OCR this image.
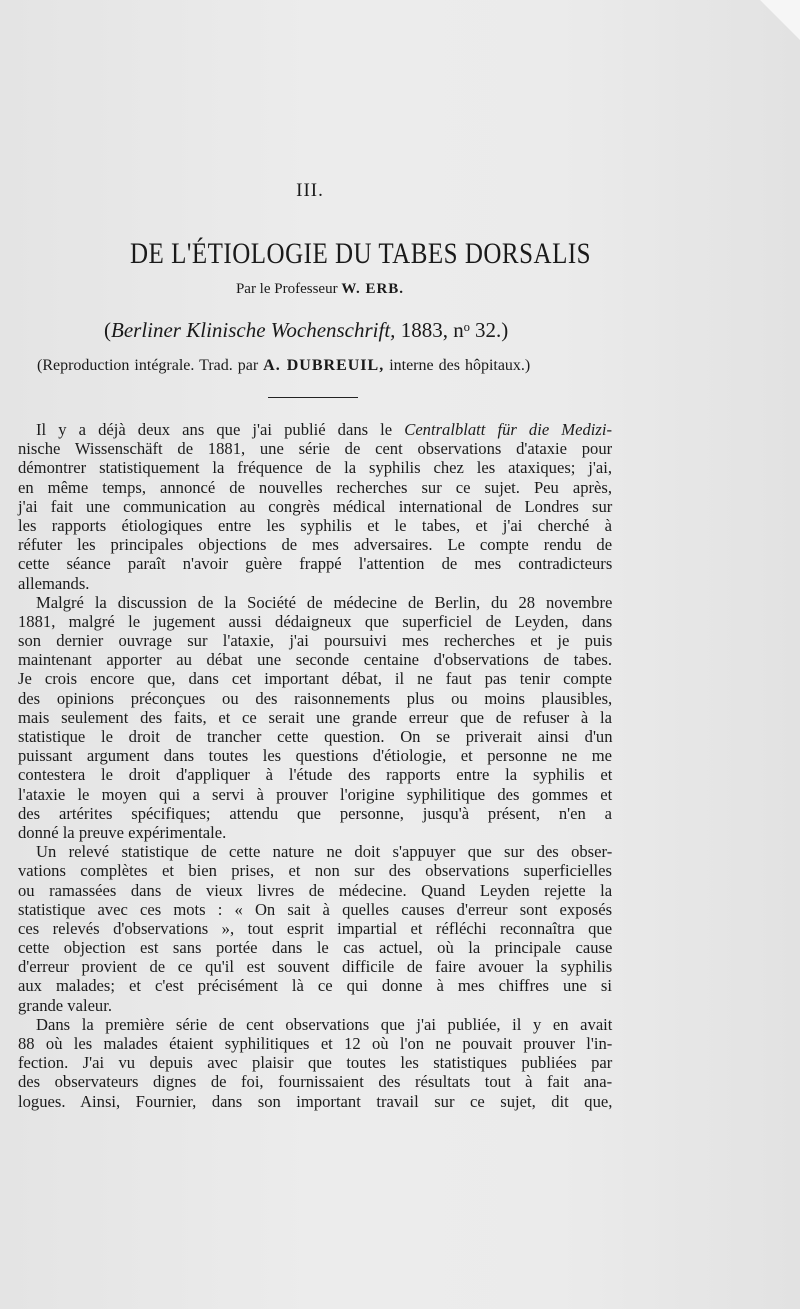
III.
DE L'ÉTIOLOGIE DU TABES DORSALIS
Par le Professeur W. ERB.
(Berliner Klinische Wochenschrift, 1883, nᵒ 32.)
(Reproduction intégrale. Trad. par A. DUBREUIL, interne des hôpitaux.)
Il y a déjà deux ans que j'ai publié dans le Centralblatt für die Medizi-
nische Wissenschäft de 1881, une série de cent observations d'ataxie pour
démontrer statistiquement la fréquence de la syphilis chez les ataxiques; j'ai,
en même temps, annoncé de nouvelles recherches sur ce sujet. Peu après,
j'ai fait une communication au congrès médical international de Londres sur
les rapports étiologiques entre les syphilis et le tabes, et j'ai cherché à
réfuter les principales objections de mes adversaires. Le compte rendu de
cette séance paraît n'avoir guère frappé l'attention de mes contradicteurs
allemands.
Malgré la discussion de la Société de médecine de Berlin, du 28 novembre
1881, malgré le jugement aussi dédaigneux que superficiel de Leyden, dans
son dernier ouvrage sur l'ataxie, j'ai poursuivi mes recherches et je puis
maintenant apporter au débat une seconde centaine d'observations de tabes.
Je crois encore que, dans cet important débat, il ne faut pas tenir compte
des opinions préconçues ou des raisonnements plus ou moins plausibles,
mais seulement des faits, et ce serait une grande erreur que de refuser à la
statistique le droit de trancher cette question. On se priverait ainsi d'un
puissant argument dans toutes les questions d'étiologie, et personne ne me
contestera le droit d'appliquer à l'étude des rapports entre la syphilis et
l'ataxie le moyen qui a servi à prouver l'origine syphilitique des gommes et
des artérites spécifiques; attendu que personne, jusqu'à présent, n'en a
donné la preuve expérimentale.
Un relevé statistique de cette nature ne doit s'appuyer que sur des obser-
vations complètes et bien prises, et non sur des observations superficielles
ou ramassées dans de vieux livres de médecine. Quand Leyden rejette la
statistique avec ces mots : « On sait à quelles causes d'erreur sont exposés
ces relevés d'observations », tout esprit impartial et réfléchi reconnaîtra que
cette objection est sans portée dans le cas actuel, où la principale cause
d'erreur provient de ce qu'il est souvent difficile de faire avouer la syphilis
aux malades; et c'est précisément là ce qui donne à mes chiffres une si
grande valeur.
Dans la première série de cent observations que j'ai publiée, il y en avait
88 où les malades étaient syphilitiques et 12 où l'on ne pouvait prouver l'in-
fection. J'ai vu depuis avec plaisir que toutes les statistiques publiées par
des observateurs dignes de foi, fournissaient des résultats tout à fait ana-
logues. Ainsi, Fournier, dans son important travail sur ce sujet, dit que,
